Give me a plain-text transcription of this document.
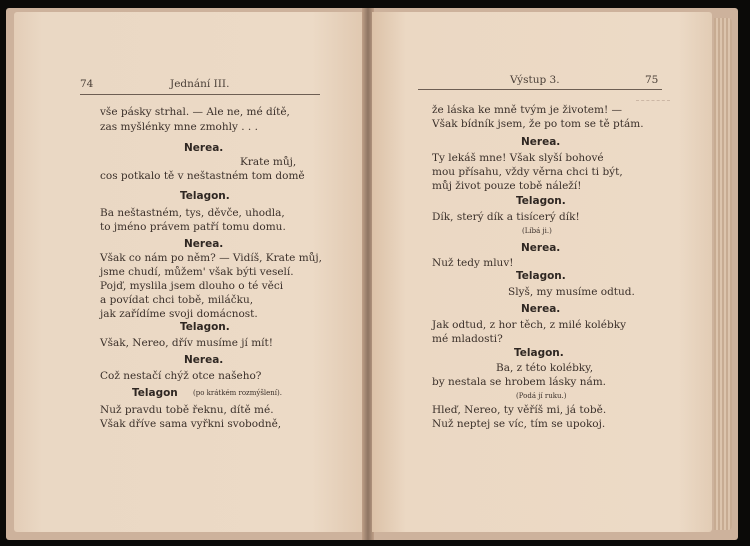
74	Jednání III.
vše pásky strhal. — Ale ne, mé dítě,
zas myšlénky mne zmohly . . .
Nerea.
Krate můj,
cos potkalo tě v neštastném tom domě
Telagon.
Ba neštastném, tys, děvče, uhodla,
to jméno právem patří tomu domu.
Nerea.
Však co nám po něm? — Vidíš, Krate můj,
jsme chudí, můžem' však býti veselí.
Pojď, myslila jsem dlouho o té věci
a povídat chci tobě, miláčku,
jak zařídíme svoji domácnost.
Telagon.
Však, Nereo, dřív musíme jí mít!
Nerea.
Což nestačí chýž otce našeho?
Telagon (po krátkém rozmýšlení).
Nuž pravdu tobě řeknu, dítě mé.
Však dříve sama vyřkni svobodně,
Výstup 3.	75
že láska ke mně tvým je životem! —
Však bídník jsem, že po tom se tě ptám.
Nerea.
Ty lekáš mne! Však slyší bohové
mou přísahu, vždy věrna chci ti být,
můj život pouze tobě náleží!
Telagon.
Dík, sterý dík a tisícerý dík!
(Líbá ji.)
Nerea.
Nuž tedy mluv!
Telagon.
Slyš, my musíme odtud.
Nerea.
Jak odtud, z hor těch, z milé kolébky
mé mladosti?
Telagon.
Ba, z této kolébky,
by nestala se hrobem lásky nám.
(Podá jí ruku.)
Hleď, Nereo, ty věříš mi, já tobě.
Nuž neptej se víc, tím se upokoj.
